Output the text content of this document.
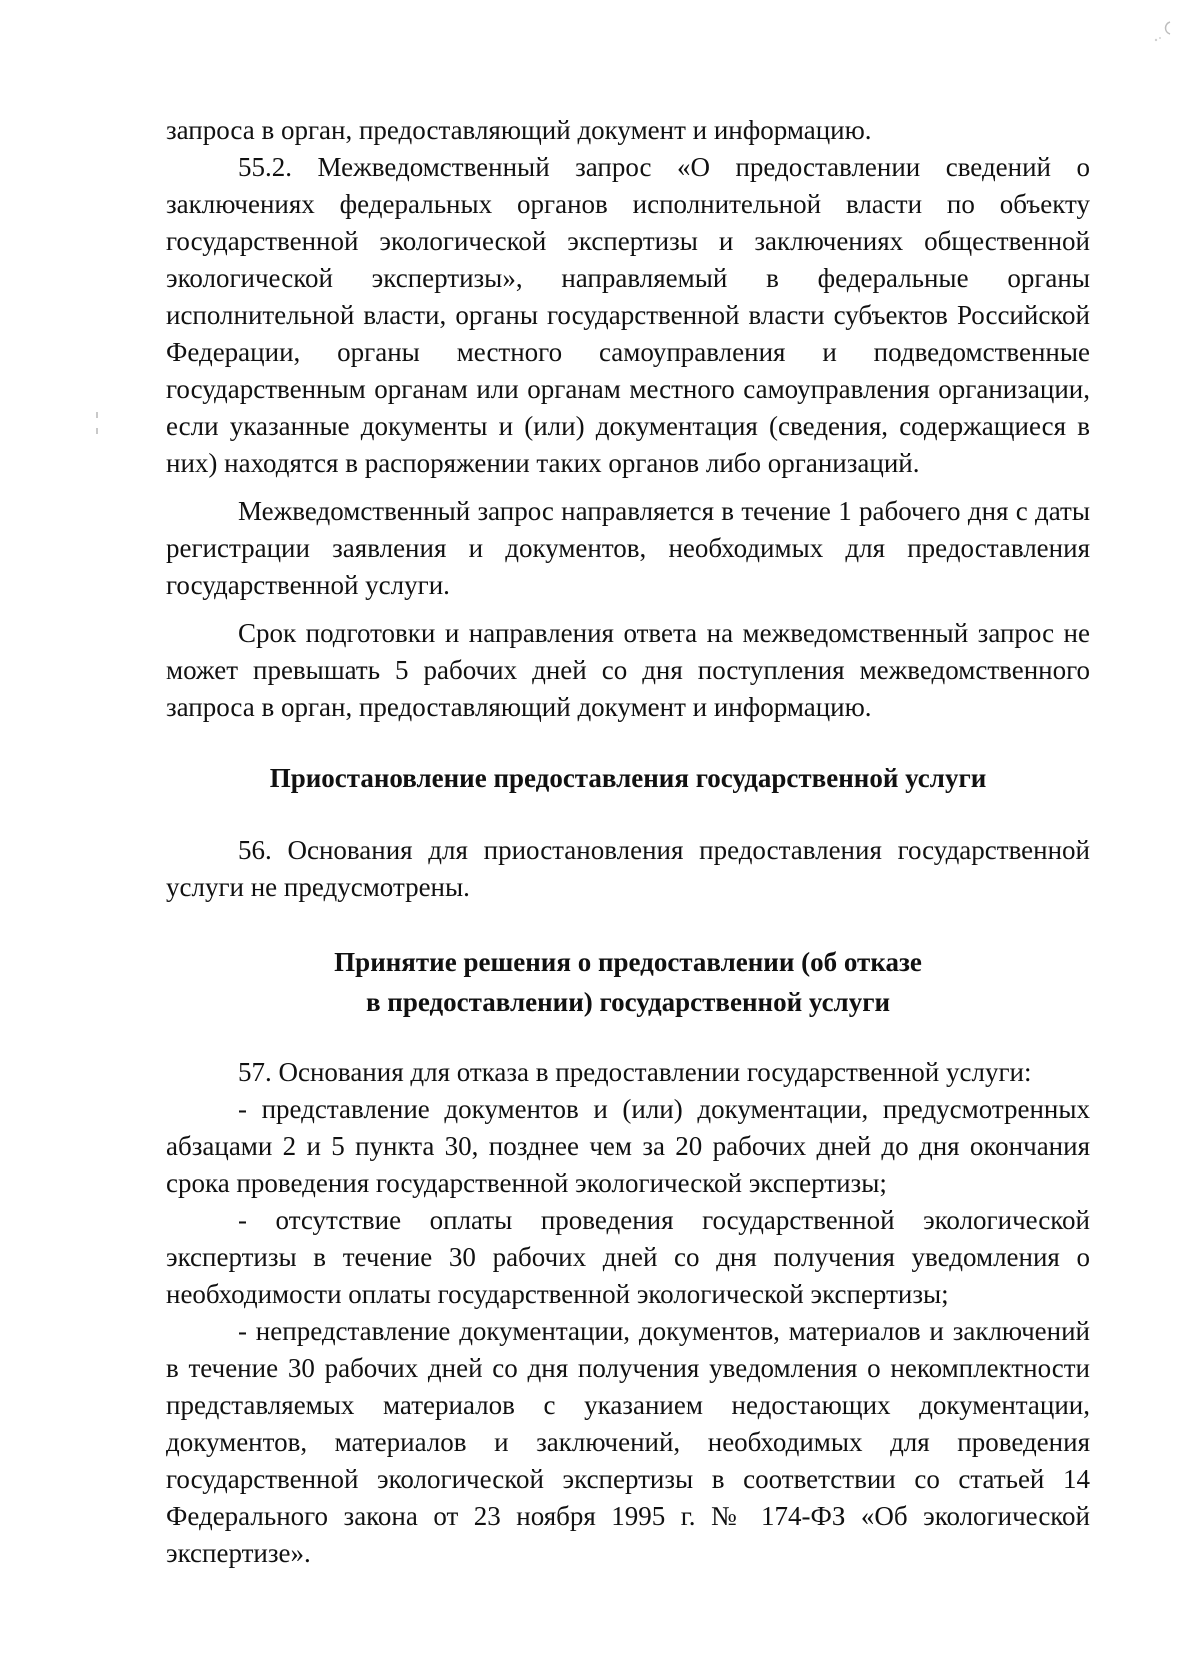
запроса в орган, предоставляющий документ и информацию.

55.2. Межведомственный запрос «О предоставлении сведений о заключениях федеральных органов исполнительной власти по объекту государственной экологической экспертизы и заключениях общественной экологической экспертизы», направляемый в федеральные органы исполнительной власти, органы государственной власти субъектов Российской Федерации, органы местного самоуправления и подведомственные государственным органам или органам местного самоуправления организации, если указанные документы и (или) документация (сведения, содержащиеся в них) находятся в распоряжении таких органов либо организаций.

Межведомственный запрос направляется в течение 1 рабочего дня с даты регистрации заявления и документов, необходимых для предоставления государственной услуги.

Срок подготовки и направления ответа на межведомственный запрос не может превышать 5 рабочих дней со дня поступления межведомственного запроса в орган, предоставляющий документ и информацию.

Приостановление предоставления государственной услуги

56. Основания для приостановления предоставления государственной услуги не предусмотрены.

Принятие решения о предоставлении (об отказе
в предоставлении) государственной услуги

57. Основания для отказа в предоставлении государственной услуги:

- представление документов и (или) документации, предусмотренных абзацами 2 и 5 пункта 30, позднее чем за 20 рабочих дней до дня окончания срока проведения государственной экологической экспертизы;

- отсутствие оплаты проведения государственной экологической экспертизы в течение 30 рабочих дней со дня получения уведомления о необходимости оплаты государственной экологической экспертизы;

- непредставление документации, документов, материалов и заключений в течение 30 рабочих дней со дня получения уведомления о некомплектности представляемых материалов с указанием недостающих документации, документов, материалов и заключений, необходимых для проведения государственной экологической экспертизы в соответствии со статьей 14 Федерального закона от 23 ноября 1995 г. № 174-ФЗ «Об экологической экспертизе».
